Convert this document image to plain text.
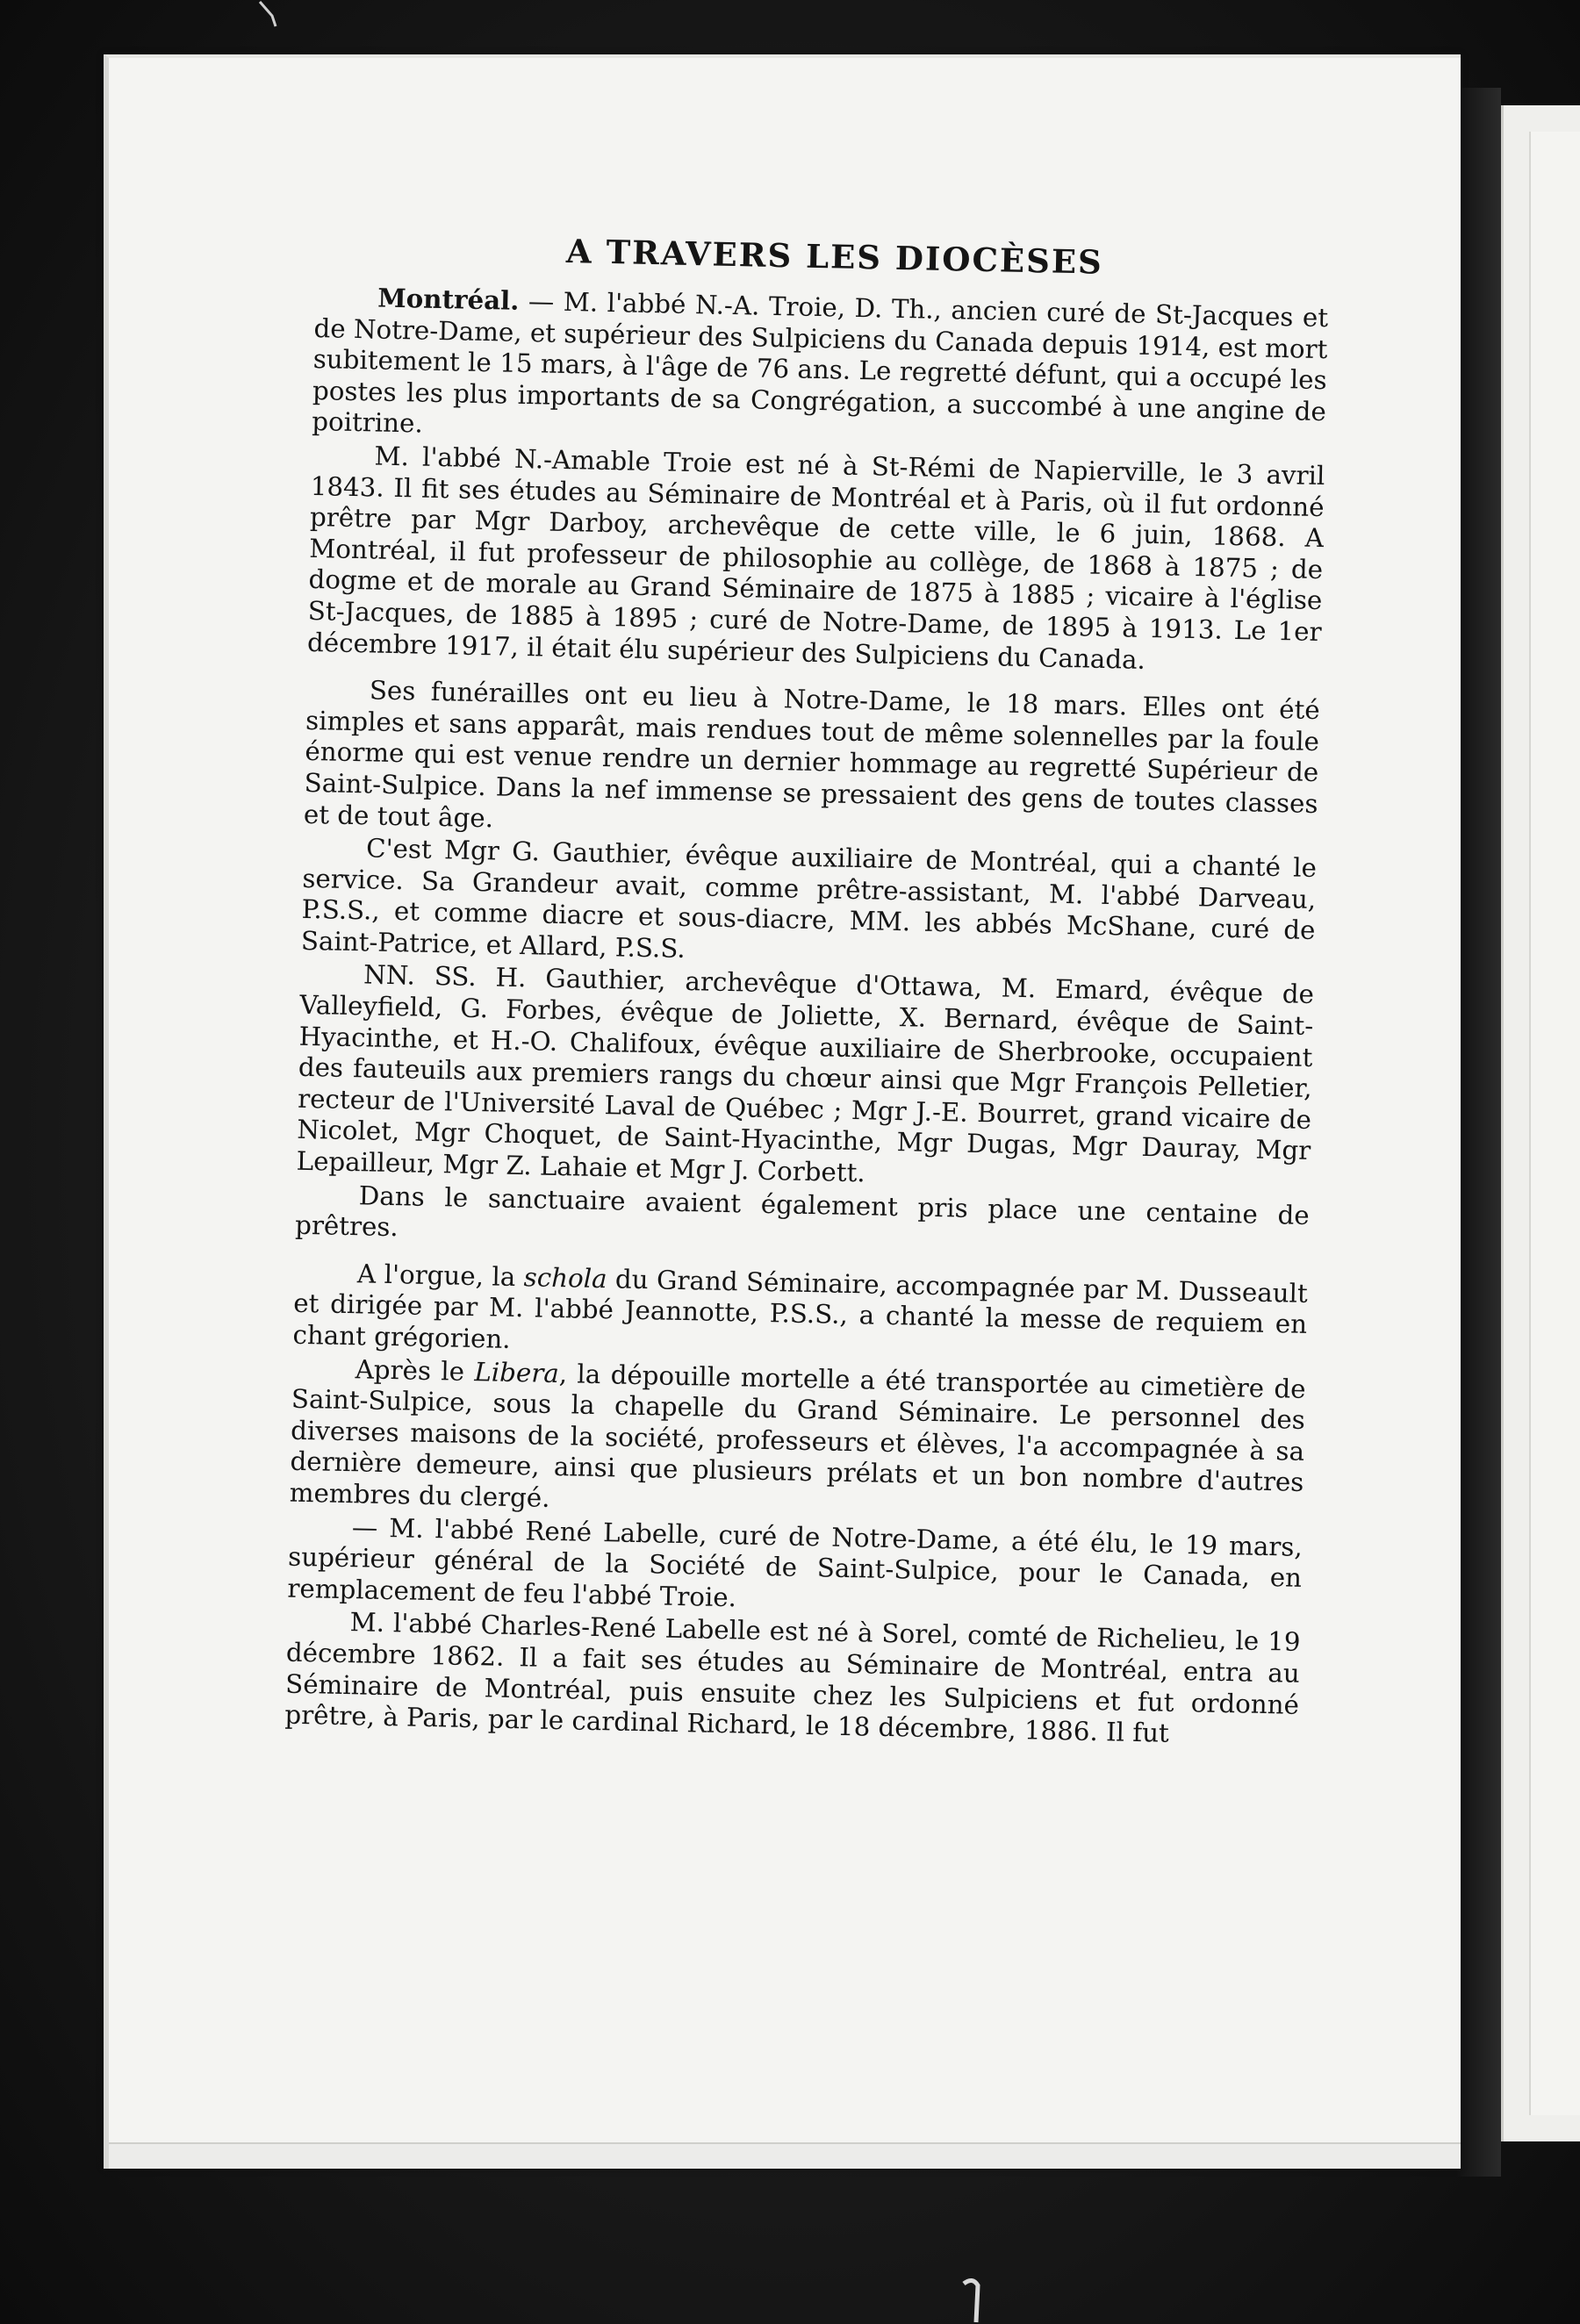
A TRAVERS LES DIOCÈSES

Montréal. — M. l'abbé N.-A. Troie, D. Th., ancien curé de St-Jacques et de Notre-Dame, et supérieur des Sulpiciens du Canada depuis 1914, est mort subitement le 15 mars, à l'âge de 76 ans. Le regretté défunt, qui a occupé les postes les plus importants de sa Congrégation, a succombé à une angine de poitrine.

M. l'abbé N.-Amable Troie est né à St-Rémi de Napierville, le 3 avril 1843. Il fit ses études au Séminaire de Montréal et à Paris, où il fut ordonné prêtre par Mgr Darboy, archevêque de cette ville, le 6 juin, 1868. A Montréal, il fut professeur de philosophie au collège, de 1868 à 1875 ; de dogme et de morale au Grand Séminaire de 1875 à 1885 ; vicaire à l'église St-Jacques, de 1885 à 1895 ; curé de Notre-Dame, de 1895 à 1913. Le 1er décembre 1917, il était élu supérieur des Sulpiciens du Canada.

Ses funérailles ont eu lieu à Notre-Dame, le 18 mars. Elles ont été simples et sans apparât, mais rendues tout de même solennelles par la foule énorme qui est venue rendre un dernier hommage au regretté Supérieur de Saint-Sulpice. Dans la nef immense se pressaient des gens de toutes classes et de tout âge.

C'est Mgr G. Gauthier, évêque auxiliaire de Montréal, qui a chanté le service. Sa Grandeur avait, comme prêtre-assistant, M. l'abbé Darveau, P.S.S., et comme diacre et sous-diacre, MM. les abbés McShane, curé de Saint-Patrice, et Allard, P.S.S.

NN. SS. H. Gauthier, archevêque d'Ottawa, M. Emard, évêque de Valleyfield, G. Forbes, évêque de Joliette, X. Bernard, évêque de Saint-Hyacinthe, et H.-O. Chalifoux, évêque auxiliaire de Sherbrooke, occupaient des fauteuils aux premiers rangs du chœur ainsi que Mgr François Pelletier, recteur de l'Université Laval de Québec ; Mgr J.-E. Bourret, grand vicaire de Nicolet, Mgr Choquet, de Saint-Hyacinthe, Mgr Dugas, Mgr Dauray, Mgr Lepailleur, Mgr Z. Lahaie et Mgr J. Corbett.

Dans le sanctuaire avaient également pris place une centaine de prêtres.

A l'orgue, la schola du Grand Séminaire, accompagnée par M. Dusseault et dirigée par M. l'abbé Jeannotte, P.S.S., a chanté la messe de requiem en chant grégorien.

Après le Libera, la dépouille mortelle a été transportée au cimetière de Saint-Sulpice, sous la chapelle du Grand Séminaire. Le personnel des diverses maisons de la société, professeurs et élèves, l'a accompagnée à sa dernière demeure, ainsi que plusieurs prélats et un bon nombre d'autres membres du clergé.

— M. l'abbé René Labelle, curé de Notre-Dame, a été élu, le 19 mars, supérieur général de la Société de Saint-Sulpice, pour le Canada, en remplacement de feu l'abbé Troie.

M. l'abbé Charles-René Labelle est né à Sorel, comté de Richelieu, le 19 décembre 1862. Il a fait ses études au Séminaire de Montréal, entra au Séminaire de Montréal, puis ensuite chez les Sulpiciens et fut ordonné prêtre, à Paris, par le cardinal Richard, le 18 décembre, 1886. Il fut
